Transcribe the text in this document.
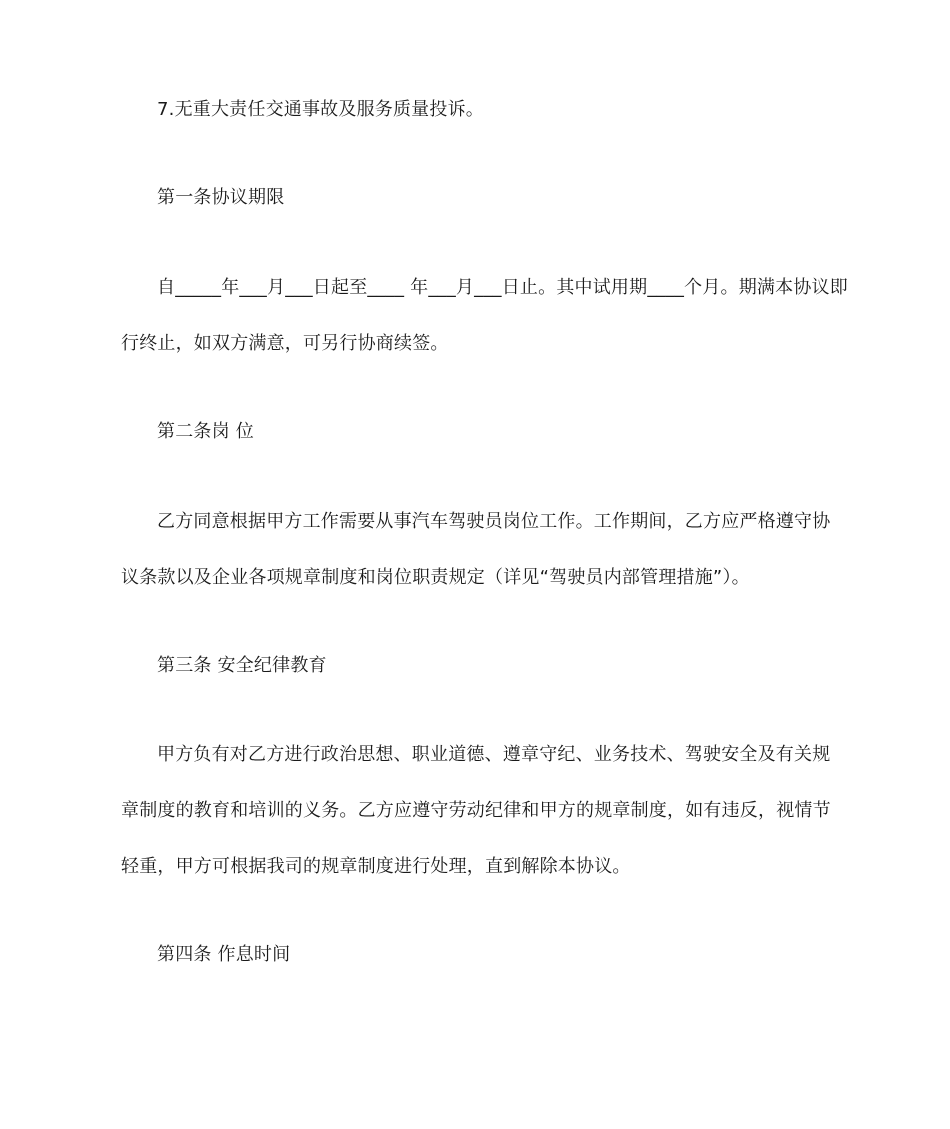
7.无重大责任交通事故及服务质量投诉。
第一条协议期限
自_____年___月___日起至____ 年___月___日止。其中试用期____个月。期满本协议即
行终止，如双方满意，可另行协商续签。
第二条岗 位
乙方同意根据甲方工作需要从事汽车驾驶员岗位工作。工作期间，乙方应严格遵守协
议条款以及企业各项规章制度和岗位职责规定（详见“驾驶员内部管理措施”）。
第三条 安全纪律教育
甲方负有对乙方进行政治思想、职业道德、遵章守纪、业务技术、驾驶安全及有关规
章制度的教育和培训的义务。乙方应遵守劳动纪律和甲方的规章制度，如有违反，视情节
轻重，甲方可根据我司的规章制度进行处理，直到解除本协议。
第四条 作息时间
